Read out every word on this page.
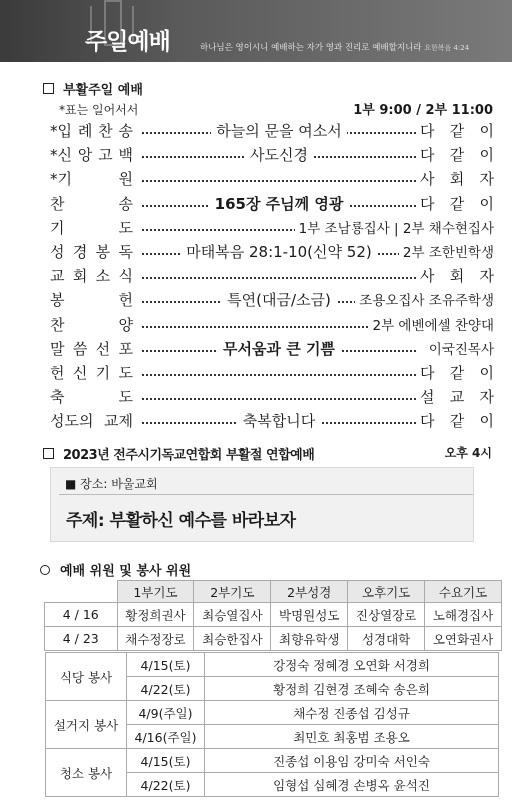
주일예배	하나님은 영이시니 예배하는 자가 영과 진리로 예배할지니라 요한복음 4:24
부활주일 예배
*표는 일어서서	1부 9:00 / 2부 11:00
*입 례 찬 송	하늘의 문을 여소서	다 같 이
*신 앙 고 백	사도신경	다 같 이
*기	원	사 회 자
찬	송	165장 주님께 영광	다 같 이
기	도	1부 조남룡집사 | 2부 채수현집사
성 경 봉 독	마태복음 28:1-10(신약 52)	2부 조한빈학생
교 회 소 식	사 회 자
봉	헌	특연(대금/소금)	조용오집사 조유주학생
찬	양	2부 에벤에셀 찬양대
말 씀 선 포	무서움과 큰 기쁨	이국진목사
헌 신 기 도	다 같 이
축	도	설 교 자
성도의 교제	축복합니다	다 같 이
2023년 전주시기독교연합회 부활절 연합예배	오후 4시
■ 장소: 바울교회
주제: 부활하신 예수를 바라보자
예배 위원 및 봉사 위원
	1부기도	2부기도	2부성경	오후기도	수요기도
4 / 16	황정희권사	최승열집사	박명원성도	진상열장로	노해경집사
4 / 23	채수정장로	최승한집사	최향유학생	성경대학	오연화권사
식당 봉사	4/15(토)	강정숙 정혜경 오연화 서경희
	4/22(토)	황정희 김현경 조혜숙 송은희
설거지 봉사	4/9(주일)	채수정 진종섭 김성규
	4/16(주일)	최민호 최홍범 조용오
청소 봉사	4/15(토)	진종섭 이용임 강미숙 서인숙
	4/22(토)	임형섭 심혜경 손병옥 윤석진
